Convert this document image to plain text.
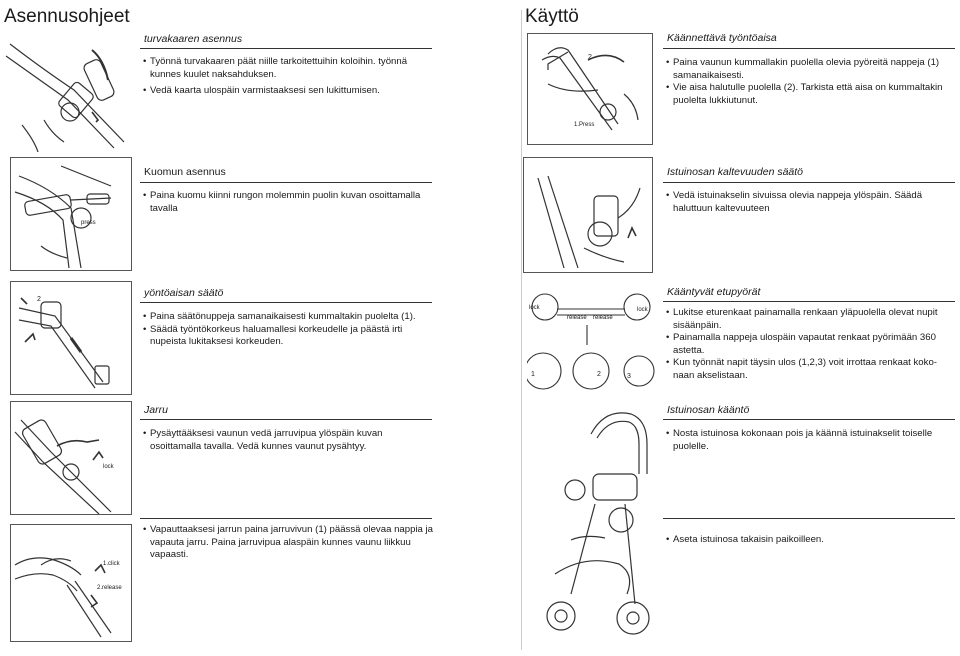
Asennusohjeet	Käyttö
turvakaaren asennus
• Työnnä turvakaaren päät niille tarkoitettuihin koloihin. työnnä kunnes kuulet naksahduksen.
• Vedä kaarta ulospäin varmistaaksesi sen lukittumisen.
Kuomun asennus
• Paina kuomu kiinni rungon molemmin puolin kuvan osoittamalla tavalla
press
yöntöaisan säätö
• Paina säätönuppeja samanaikaisesti kummaltakin puolelta (1).
• Säädä työntökorkeus haluamallesi korkeudelle ja päästä irti nupeista lukitaksesi korkeuden.
2
Jarru
• Pysäyttääksesi vaunun vedä jarruvipua ylöspäin kuvan osoittamalla tavalla. Vedä kunnes vaunut pysähtyy.
lock
• Vapauttaaksesi jarrun paina jarruvivun (1) päässä olevaa nappia ja vapauta jarru. Paina jarruvipua alaspäin kunnes vaunu liikkuu vapaasti.
1.click
2.release
Käännettävä työntöaisa
• Paina vaunun kummallakin puolella olevia pyöreitä nappeja (1) samanaikaisesti.
• Vie aisa halutulle puolella (2). Tarkista että aisa on kummaltakin puolelta lukkiutunut.
2
1.Press
Istuinosan kaltevuuden säätö
• Vedä istuinakselin sivuissa olevia nappeja ylöspäin. Säädä haluttuun kaltevuuteen
Kääntyvät etupyörät
• Lukitse eturenkaat painamalla renkaan yläpuolella olevat nupit sisäänpäin.
• Painamalla nappeja ulospäin vapautat renkaat pyörimään 360 astetta.
• Kun työnnät napit täysin ulos (1,2,3) voit irrottaa renkaat koko- naan akselistaan.
lock
release release
lock
1	2	3
Istuinosan kääntö
• Nosta istuinosa kokonaan pois ja käännä istuinakselit toiselle puolelle.
• Aseta istuinosa takaisin paikoilleen.
